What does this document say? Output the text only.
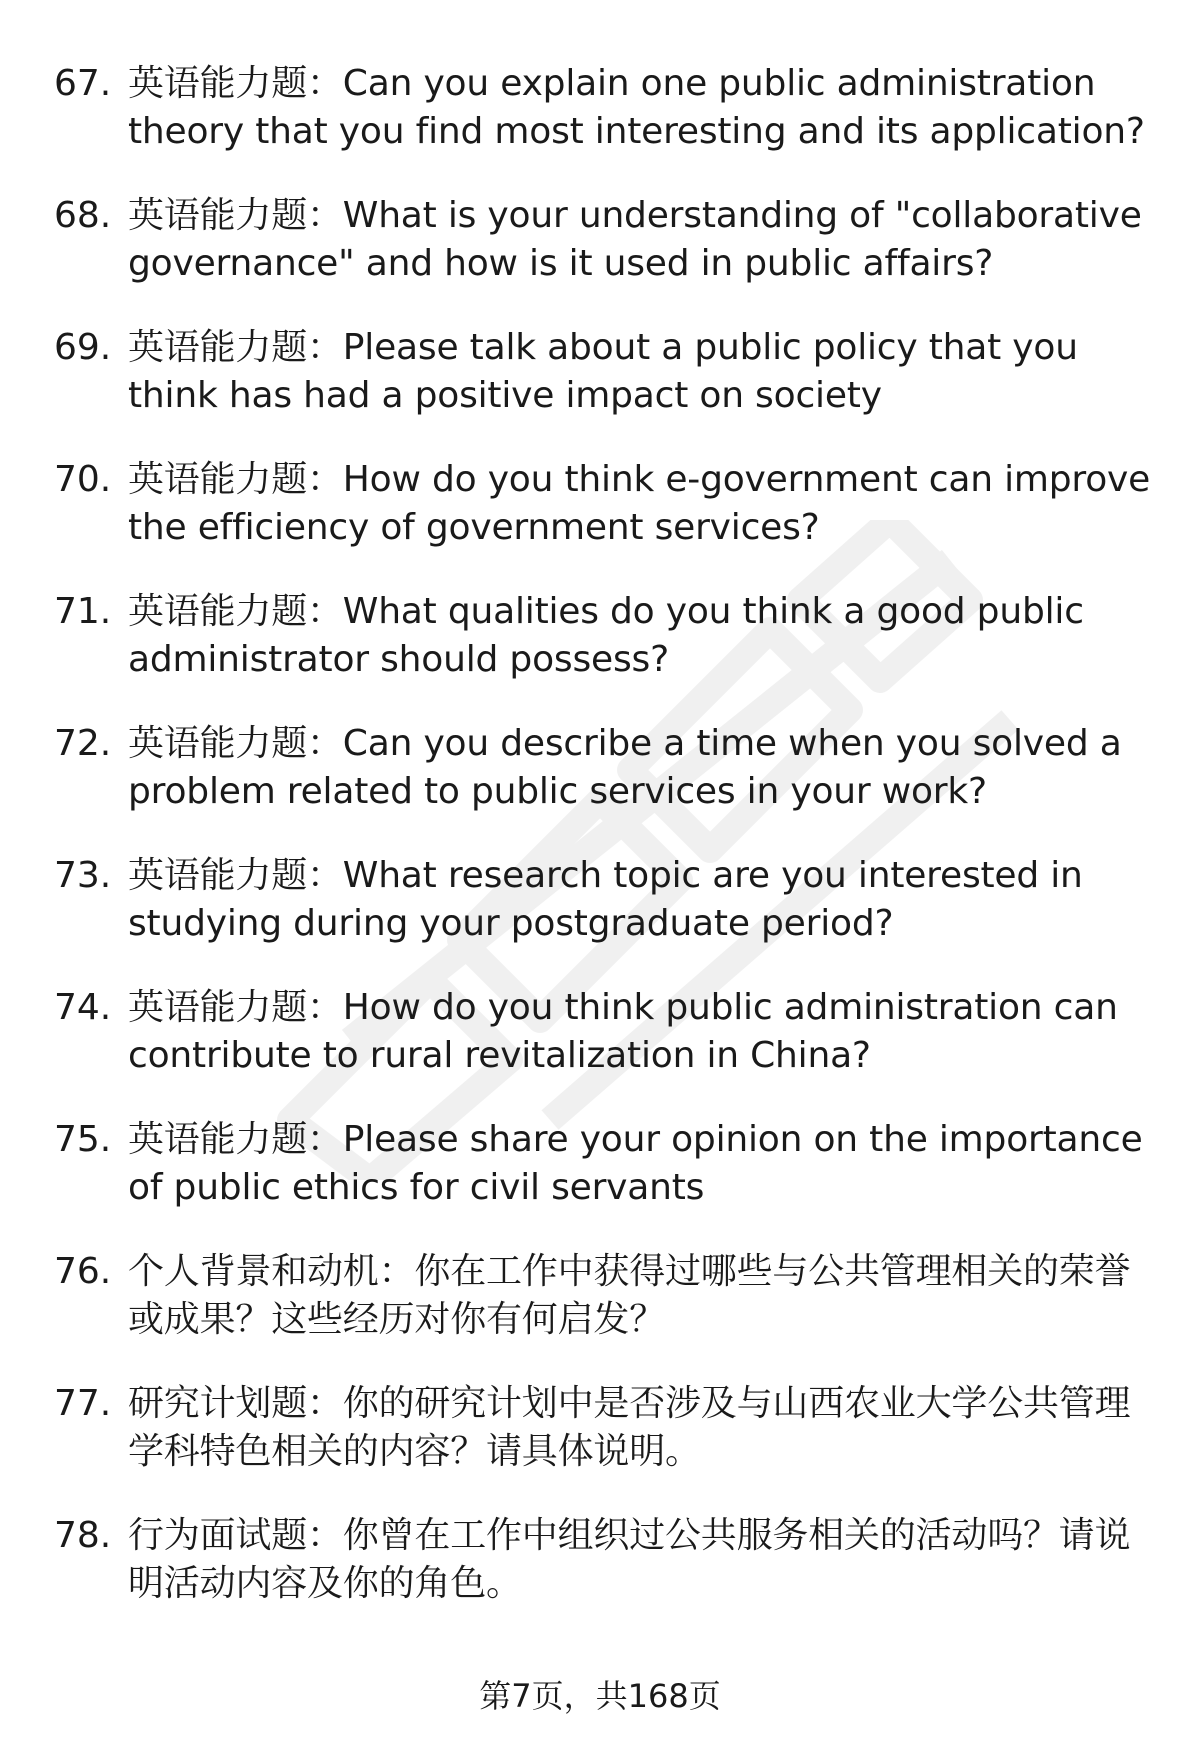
67. 英语能力题：Can you explain one public administration theory that you find most interesting and its application?
68. 英语能力题：What is your understanding of "collaborative governance" and how is it used in public affairs?
69. 英语能力题：Please talk about a public policy that you think has had a positive impact on society
70. 英语能力题：How do you think e-government can improve the efficiency of government services?
71. 英语能力题：What qualities do you think a good public administrator should possess?
72. 英语能力题：Can you describe a time when you solved a problem related to public services in your work?
73. 英语能力题：What research topic are you interested in studying during your postgraduate period?
74. 英语能力题：How do you think public administration can contribute to rural revitalization in China?
75. 英语能力题：Please share your opinion on the importance of public ethics for civil servants
76. 个人背景和动机：你在工作中获得过哪些与公共管理相关的荣誉或成果？这些经历对你有何启发？
77. 研究计划题：你的研究计划中是否涉及与山西农业大学公共管理学科特色相关的内容？请具体说明。
78. 行为面试题：你曾在工作中组织过公共服务相关的活动吗？请说明活动内容及你的角色。
第7页，共168页
